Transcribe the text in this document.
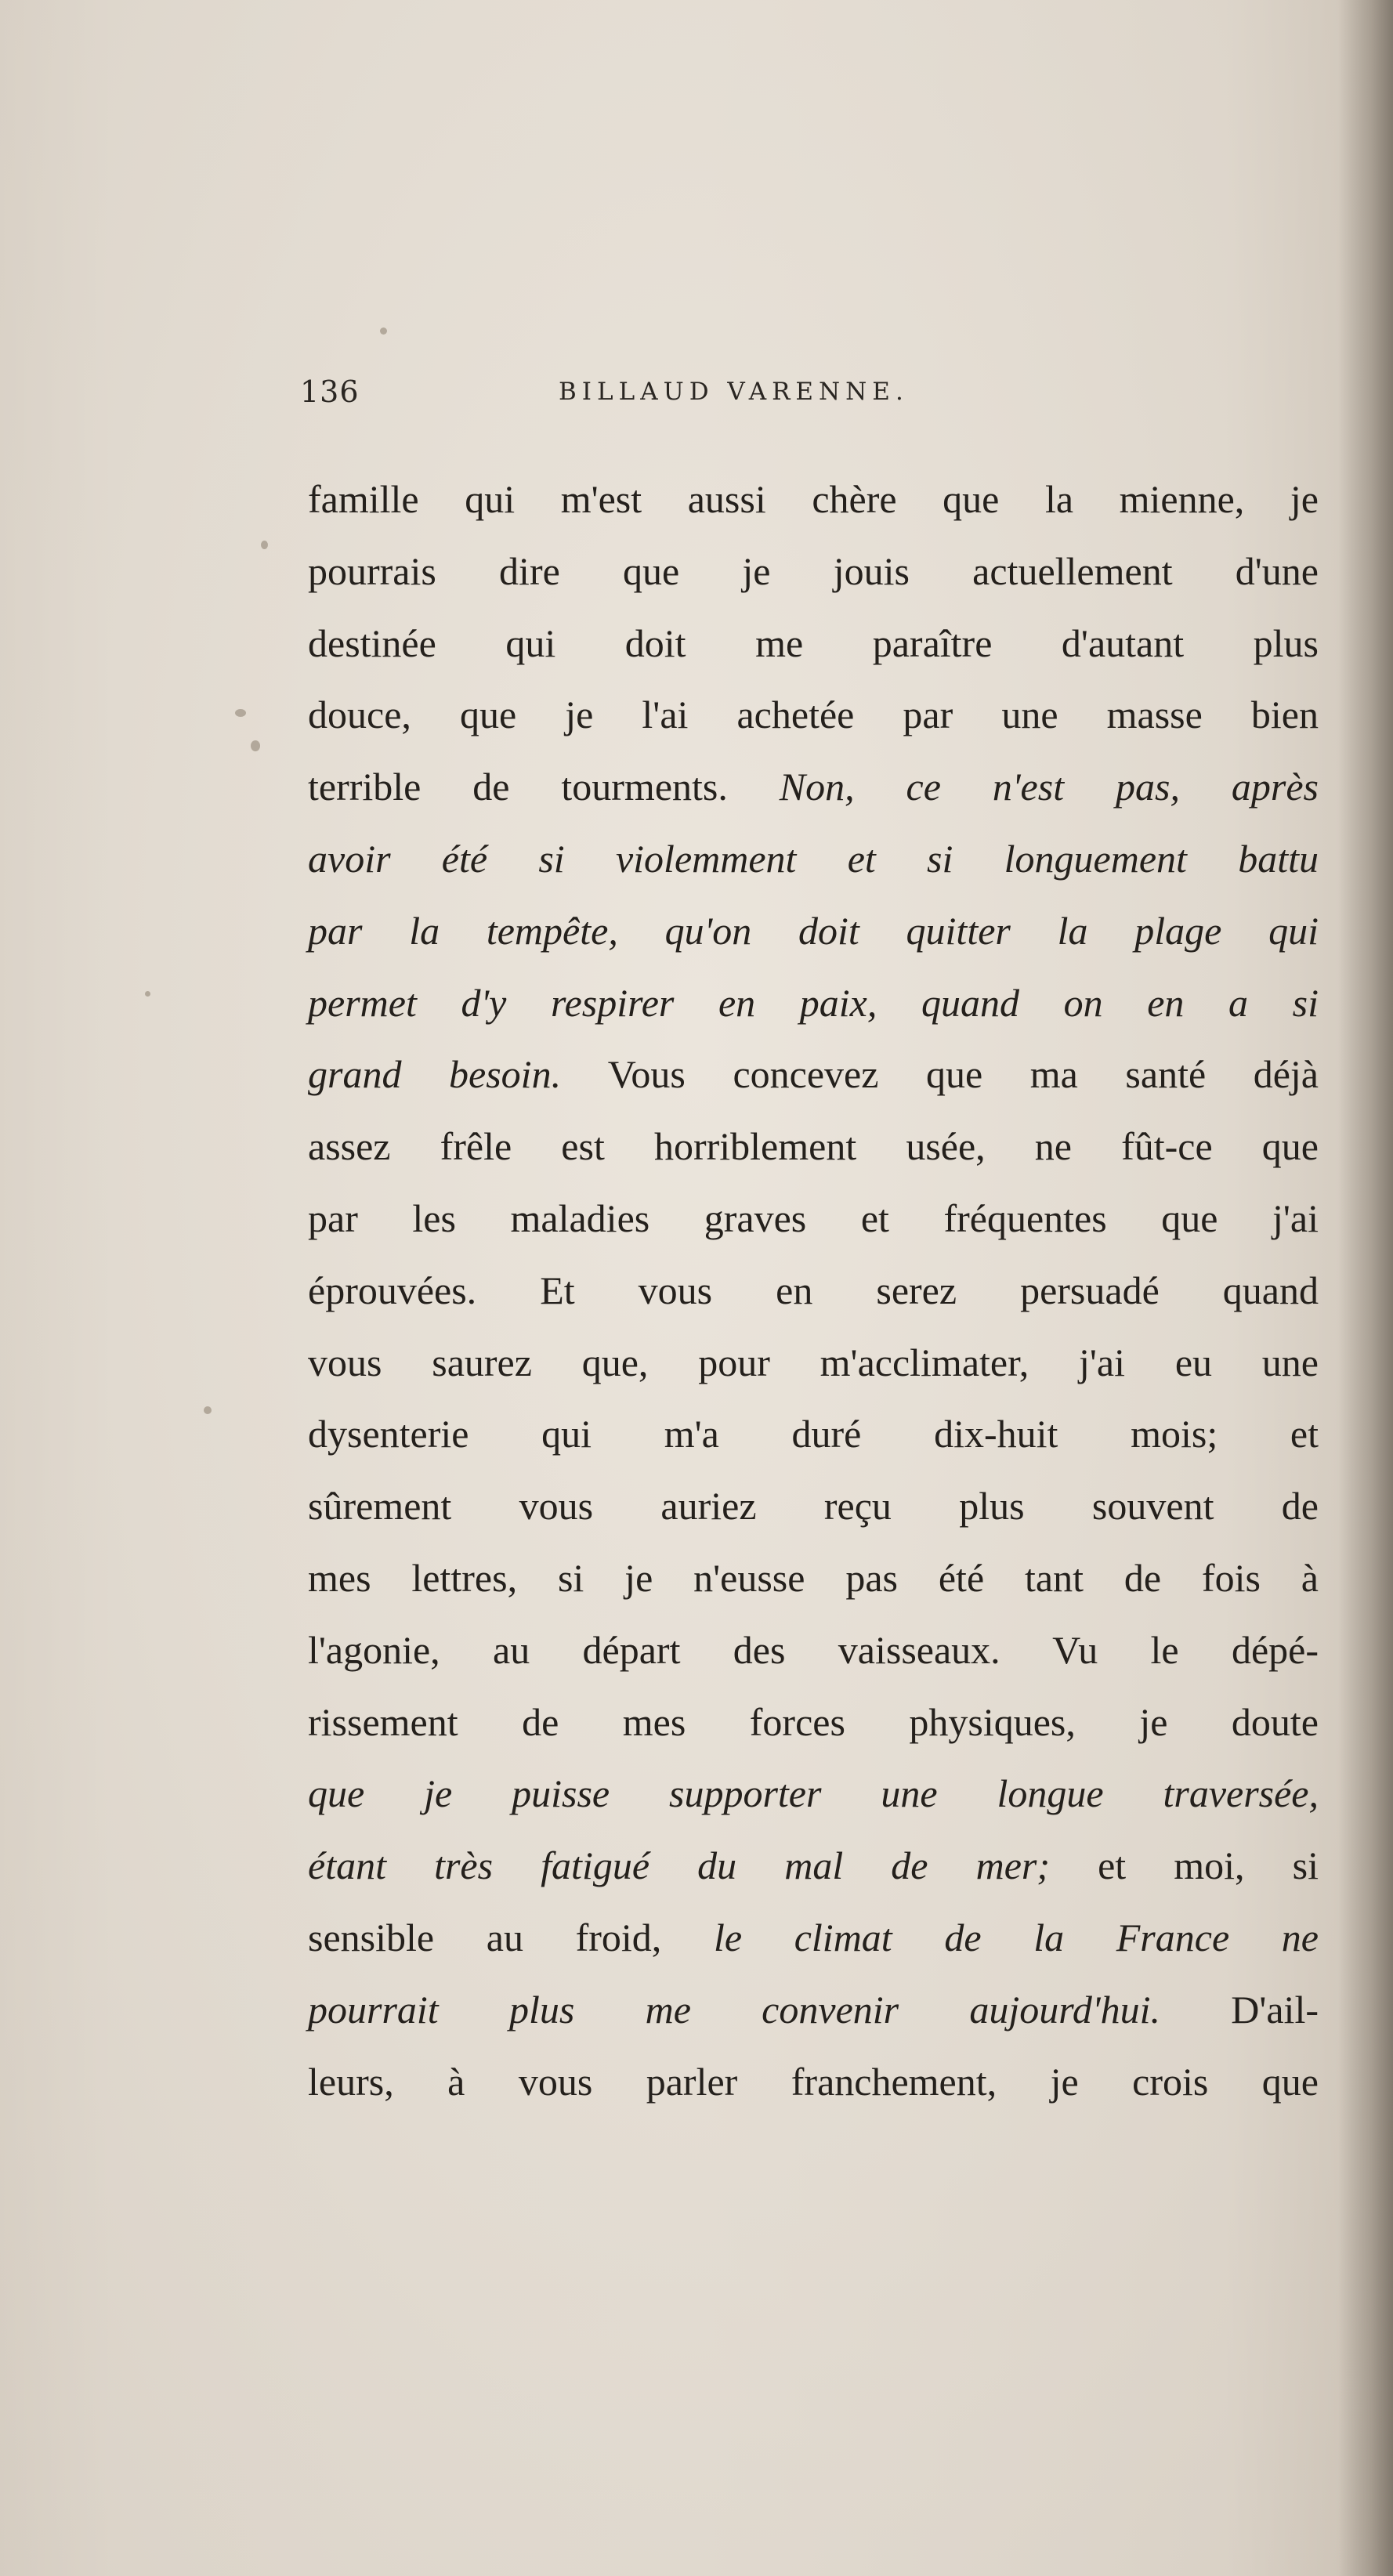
136	BILLAUD VARENNE.
famille qui m'est aussi chère que la mienne, je
pourrais dire que je jouis actuellement d'une
destinée qui doit me paraître d'autant plus
douce, que je l'ai achetée par une masse bien
terrible de tourments. Non, ce n'est pas, après
avoir été si violemment et si longuement battu
par la tempête, qu'on doit quitter la plage qui
permet d'y respirer en paix, quand on en a si
grand besoin. Vous concevez que ma santé déjà
assez frêle est horriblement usée, ne fût-ce que
par les maladies graves et fréquentes que j'ai
éprouvées. Et vous en serez persuadé quand
vous saurez que, pour m'acclimater, j'ai eu une
dysenterie qui m'a duré dix-huit mois; et
sûrement vous auriez reçu plus souvent de
mes lettres, si je n'eusse pas été tant de fois à
l'agonie, au départ des vaisseaux. Vu le dépé-
rissement de mes forces physiques, je doute
que je puisse supporter une longue traversée,
étant très fatigué du mal de mer; et moi, si
sensible au froid, le climat de la France ne
pourrait plus me convenir aujourd'hui. D'ail-
leurs, à vous parler franchement, je crois que
